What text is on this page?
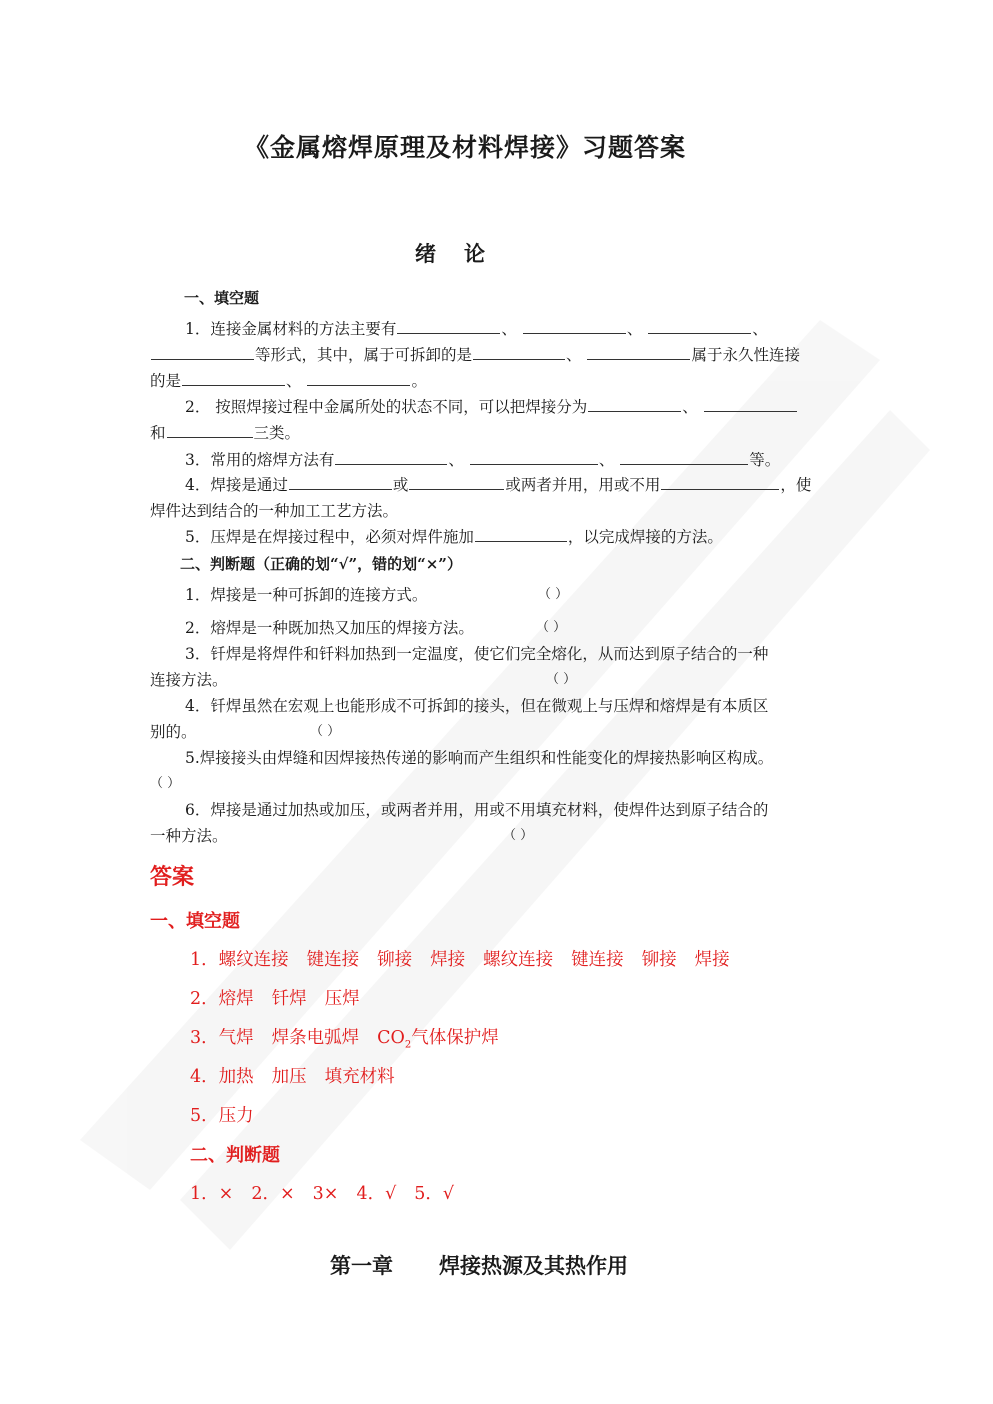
《金属熔焊原理及材料焊接》习题答案
绪 论
一、填空题
1．连接金属材料的方法主要有	、	、	、
等形式，其中，属于可拆卸的是	、	属于永久性连接
的是	、	。
2． 按照焊接过程中金属所处的状态不同，可以把焊接分为	、
和	三类。
3．常用的熔焊方法有	、	、	等。
4．焊接是通过	或	或两者并用，用或不用	，使
焊件达到结合的一种加工工艺方法。
5．压焊是在焊接过程中，必须对焊件施加	，以完成焊接的方法。
二、判断题（正确的划“√”，错的划“×”）
1．焊接是一种可拆卸的连接方式。	（ ）
2．熔焊是一种既加热又加压的焊接方法。	（ ）
3．钎焊是将焊件和钎料加热到一定温度，使它们完全熔化，从而达到原子结合的一种
连接方法。	（ ）
4．钎焊虽然在宏观上也能形成不可拆卸的接头，但在微观上与压焊和熔焊是有本质区
别的。	（ ）
5.焊接接头由焊缝和因焊接热传递的影响而产生组织和性能变化的焊接热影响区构成。
（ ）
6．焊接是通过加热或加压，或两者并用，用或不用填充材料，使焊件达到原子结合的
一种方法。	（ ）
答案
一、填空题
1．螺纹连接 键连接 铆接 焊接 螺纹连接 键连接 铆接 焊接
2．熔焊 钎焊 压焊
3．气焊 焊条电弧焊 $CO_2$气体保护焊
4．加热 加压 填充材料
5．压力
二、判断题
1．× 2．× 3× 4．√ 5．√
第一章 焊接热源及其热作用
